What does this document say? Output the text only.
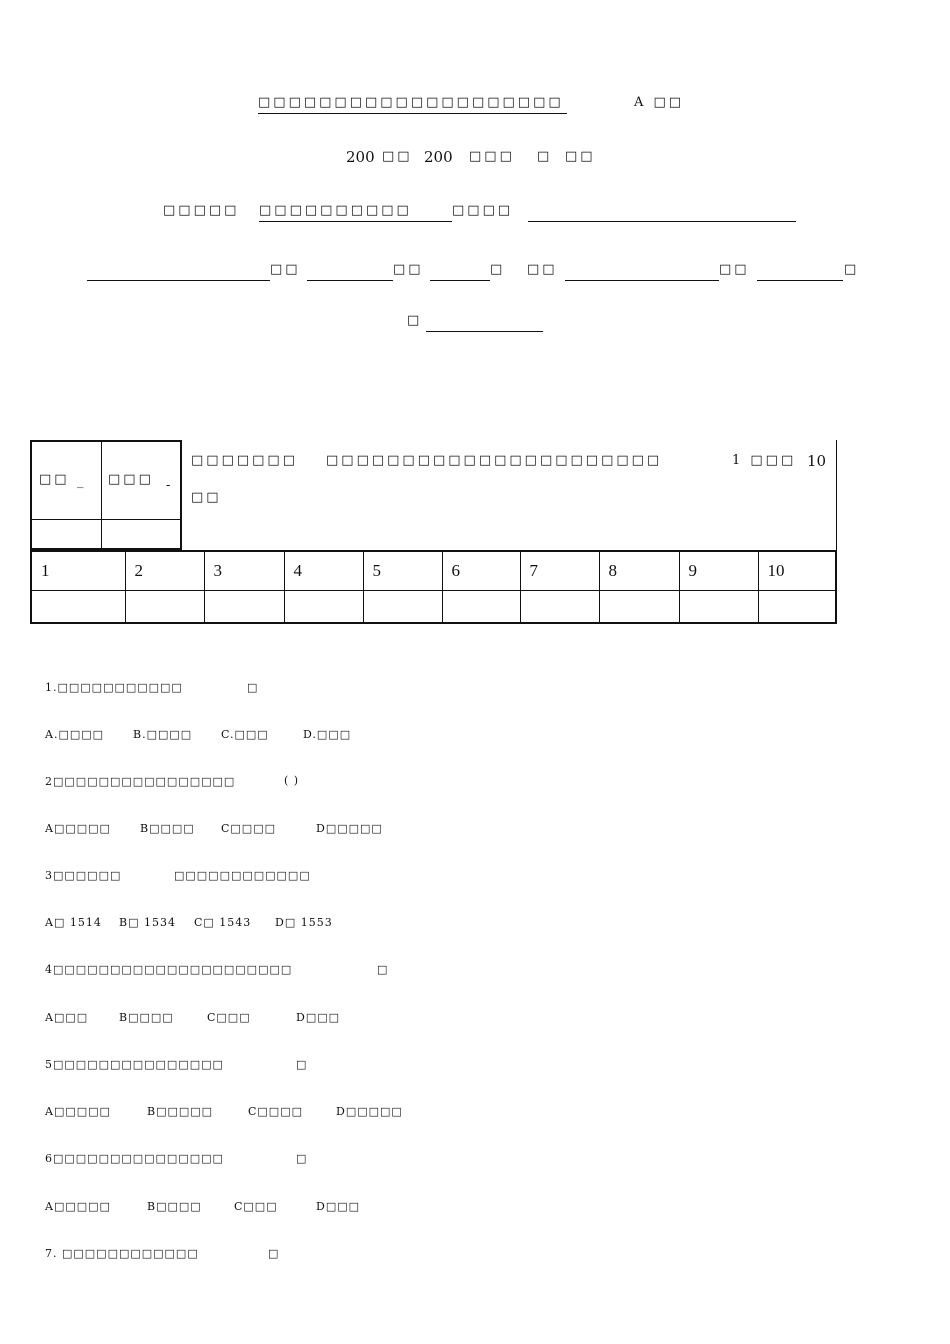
□□□□□□□□□□□□□□□□□□□□	A □□
200 □□ 200 □□□ □ □□
□□□□□ □□□□□□□□□□	□□□□
□□	□□	□ □□	□□	□
□
□□ _ □□□ -
□□□□□□□ □□□□□□□□□□□□□□□□□□□□□□	1 □□□ 10
□□
1	2	3	4	5	6	7	8	9	10

1.□□□□□□□□□□□	□
A.□□□□	B.□□□□	C.□□□	D.□□□
2□□□□□□□□□□□□□□□□	( )
A□□□□□	B□□□□ C□□□□	D□□□□□
3□□□□□□	□□□□□□□□□□□□
A□ 1514 B□ 1534 C□ 1543 D□ 1553
4□□□□□□□□□□□□□□□□□□□□□	□
A□□□	B□□□□	C□□□	D□□□
5□□□□□□□□□□□□□□□	□
A□□□□□	B□□□□□	C□□□□	D□□□□□
6□□□□□□□□□□□□□□□	□
A□□□□□	B□□□□	C□□□	D□□□
7. □□□□□□□□□□□□	□
